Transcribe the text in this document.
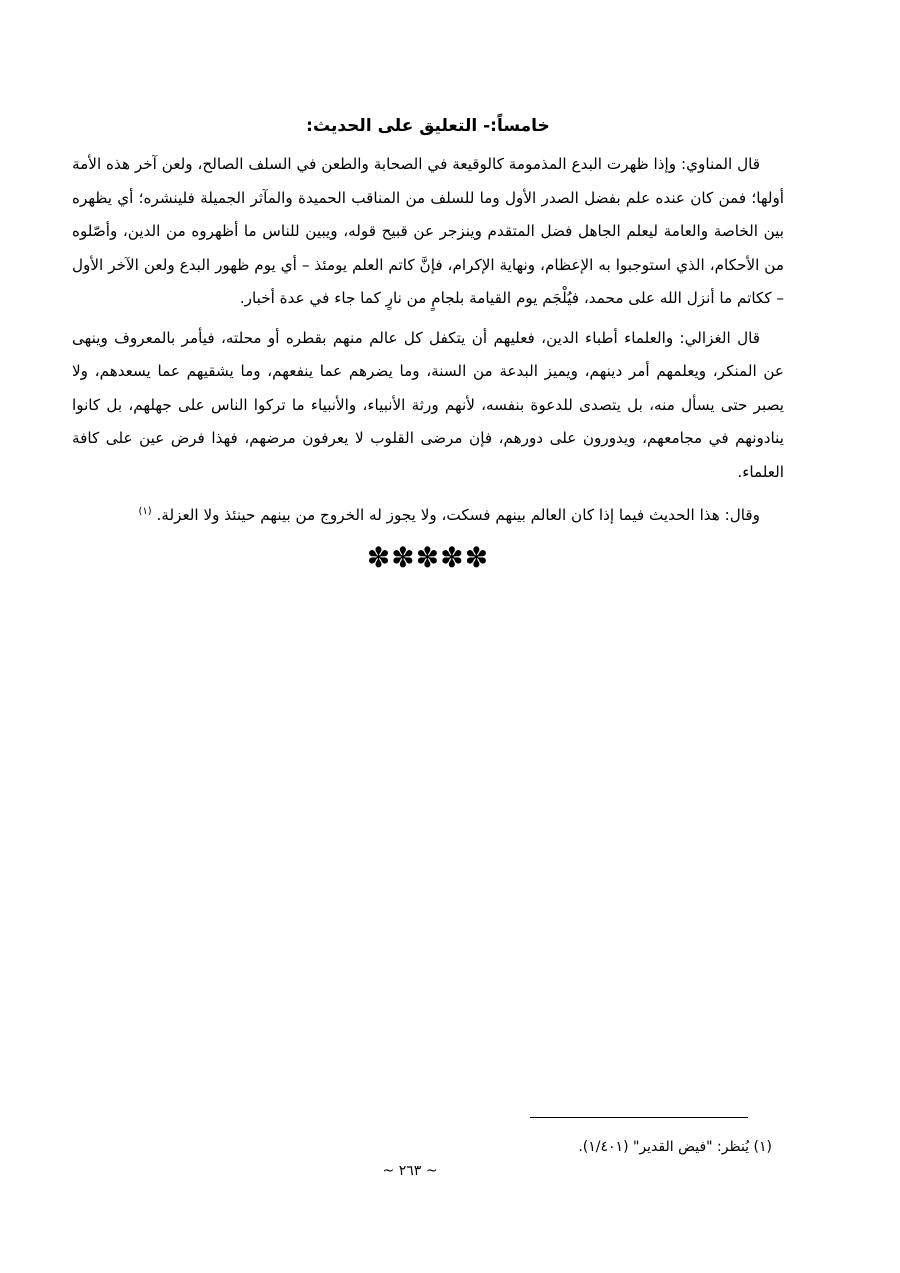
خامساً:- التعليق على الحديث:

قال المناوي: وإذا ظهرت البدع المذمومة كالوقيعة في الصحابة والطعن في السلف الصالح، ولعن آخر هذه الأمة أولها؛ فمن كان عنده علم بفضل الصدر الأول وما للسلف من المناقب الحميدة والمآثر الجميلة فلينشره؛ أي يظهره بين الخاصة والعامة ليعلم الجاهل فضل المتقدم وينزجر عن قبيح قوله، ويبين للناس ما أظهروه من الدين، وأصّلوه من الأحكام، الذي استوجبوا به الإعظام، ونهاية الإكرام، فإنَّ كاتم العلم يومئذ – أي يوم ظهور البدع ولعن الآخر الأول – ككاتم ما أنزل الله على محمد، فيُلْجَم يوم القيامة بلجامٍ من نارٍ كما جاء في عدة أخبار.

قال الغزالي: والعلماء أطباء الدين، فعليهم أن يتكفل كل عالم منهم بقطره أو محلته، فيأمر بالمعروف وينهى عن المنكر، ويعلمهم أمر دينهم، ويميز البدعة من السنة، وما يضرهم عما ينفعهم، وما يشقيهم عما يسعدهم، ولا يصبر حتى يسأل منه، بل يتصدى للدعوة بنفسه، لأنهم ورثة الأنبياء، والأنبياء ما تركوا الناس على جهلهم، بل كانوا ينادونهم في مجامعهم، ويدورون على دورهم، فإن مرضى القلوب لا يعرفون مرضهم، فهذا فرض عين على كافة العلماء.

وقال: هذا الحديث فيما إذا كان العالم بينهم فسكت، ولا يجوز له الخروج من بينهم حينئذ ولا العزلة. $^{(١)}$

✽✽✽✽✽
(١) يُنظر: "فيض القدير" (١/٤٠١).
~ ٢٦٣ ~
